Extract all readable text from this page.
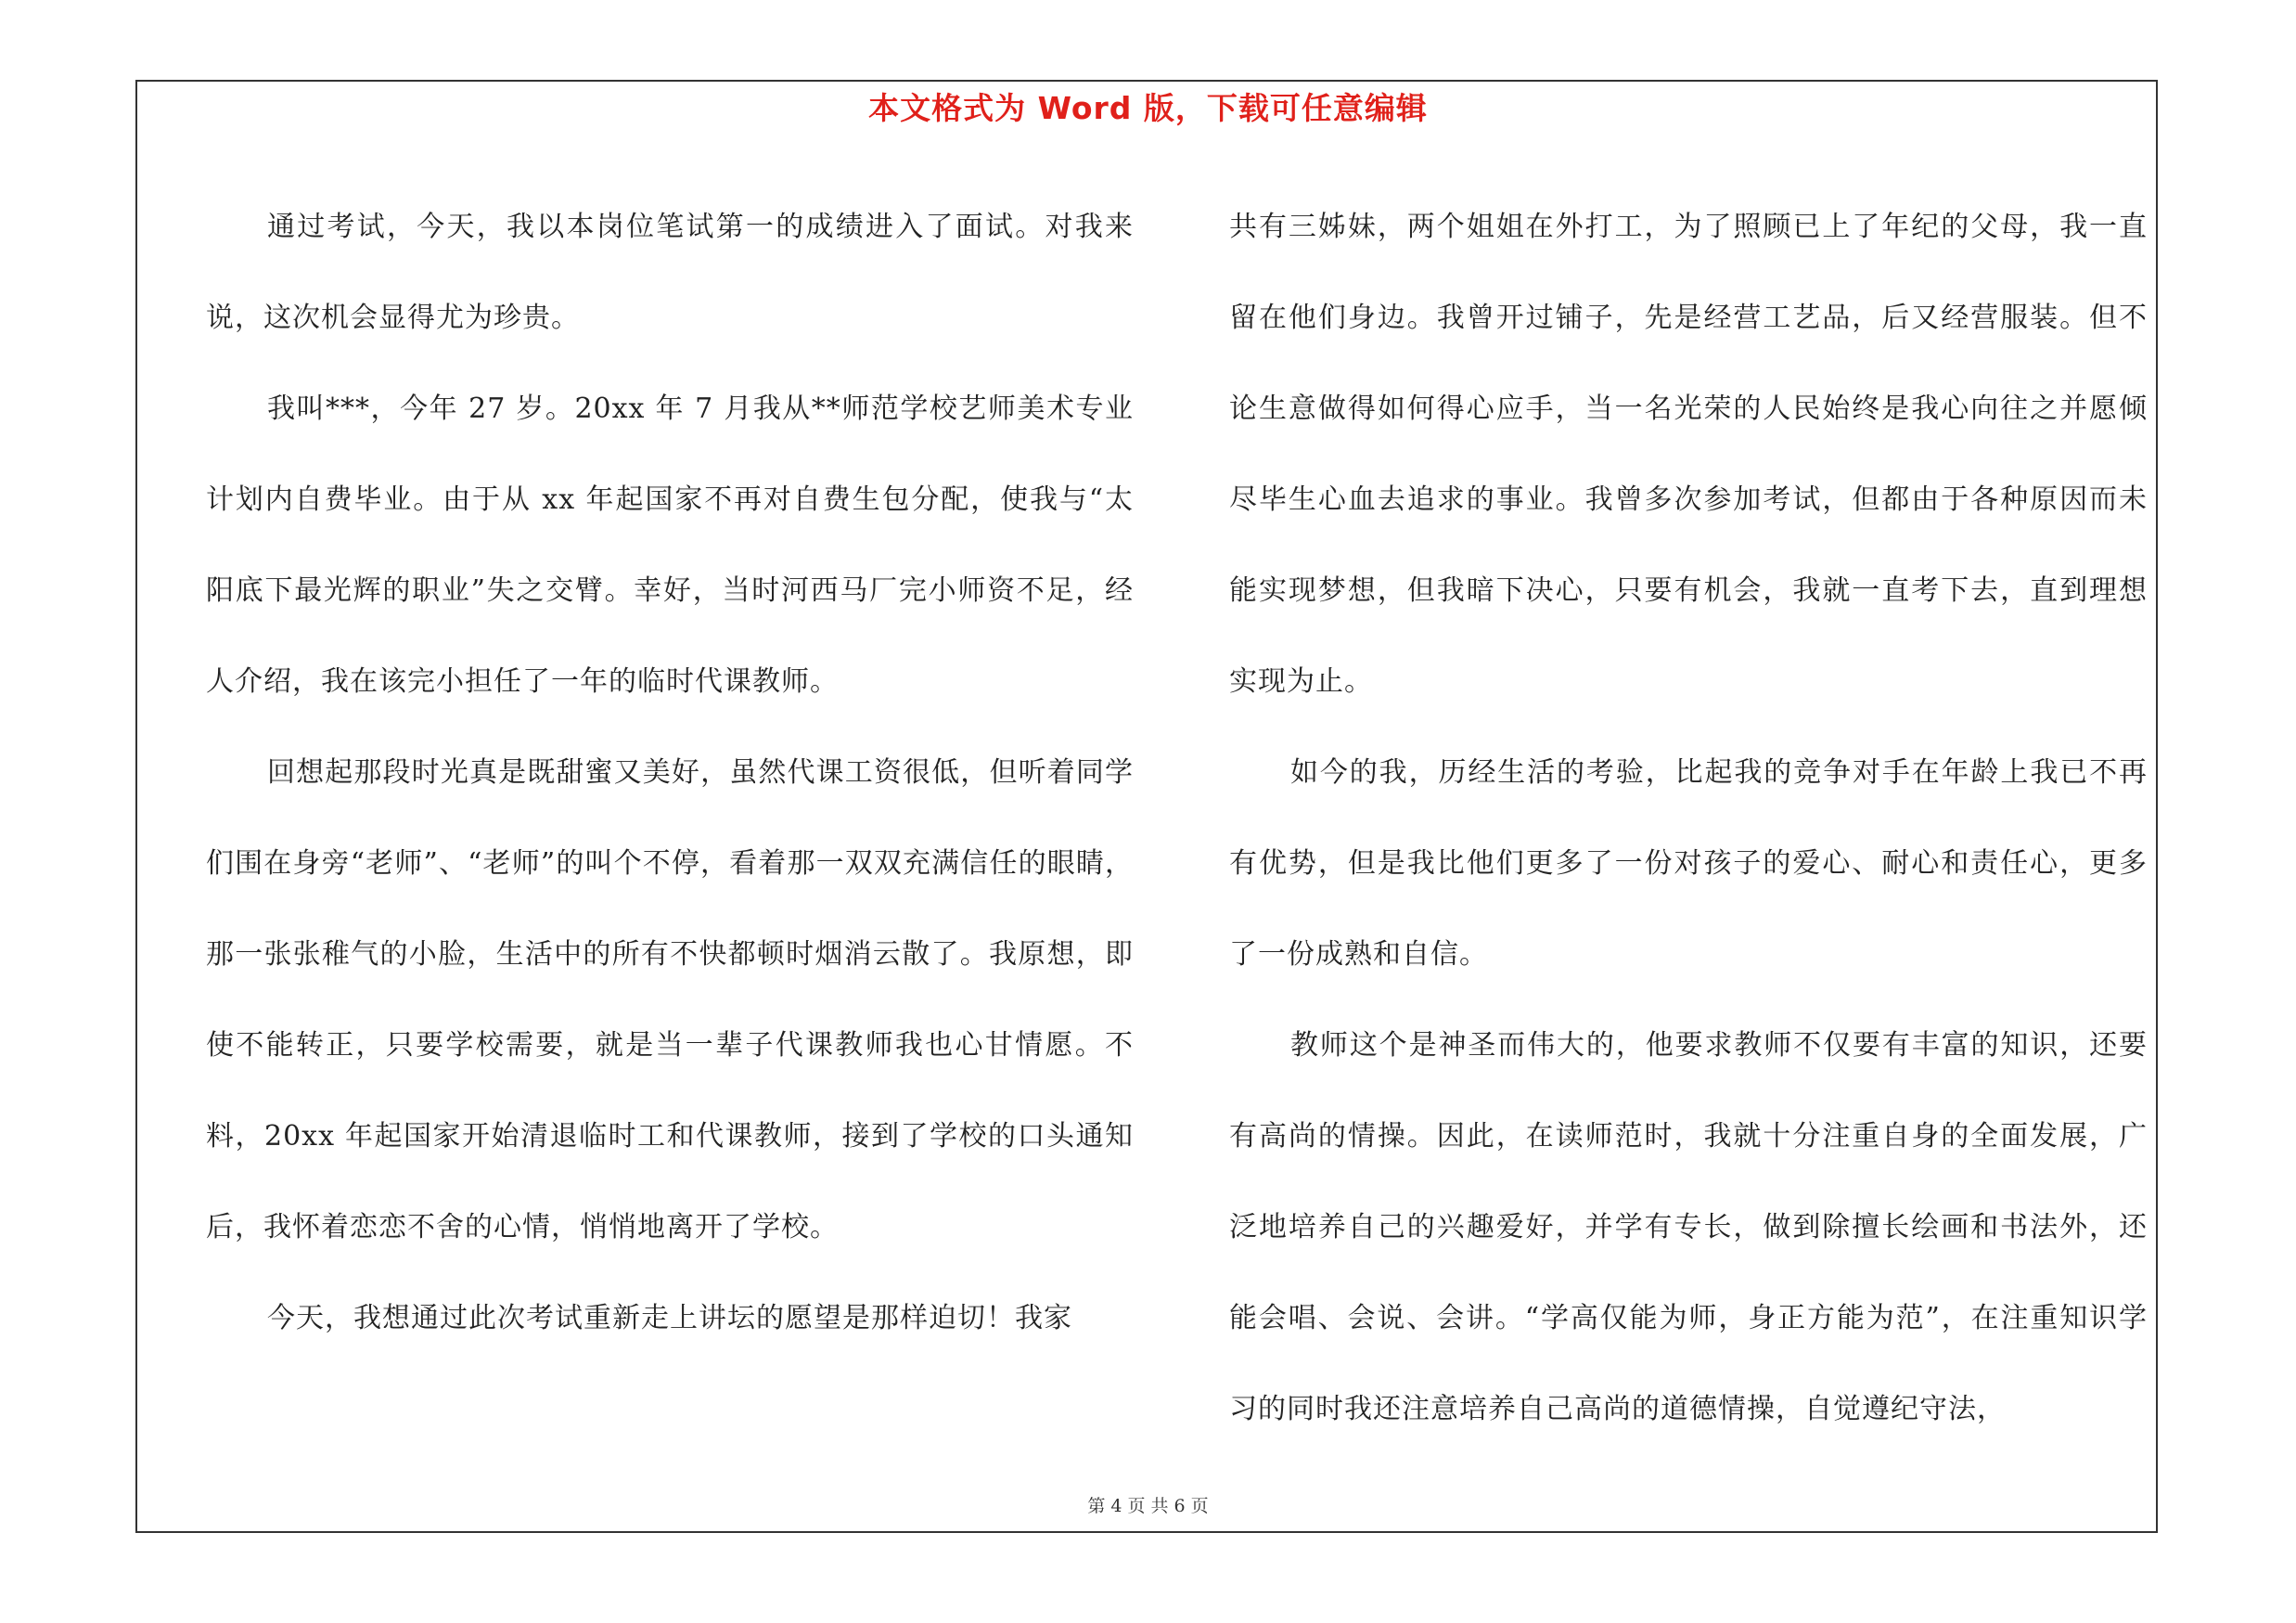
本文格式为 Word 版，下载可任意编辑

通过考试，今天，我以本岗位笔试第一的成绩进入了面试。对我来说，这次机会显得尤为珍贵。

我叫***，今年 27 岁。20xx 年 7 月我从**师范学校艺师美术专业计划内自费毕业。由于从 xx 年起国家不再对自费生包分配，使我与“太阳底下最光辉的职业”失之交臂。幸好，当时河西马厂完小师资不足，经人介绍，我在该完小担任了一年的临时代课教师。

回想起那段时光真是既甜蜜又美好，虽然代课工资很低，但听着同学们围在身旁“老师”、“老师”的叫个不停，看着那一双双充满信任的眼睛，那一张张稚气的小脸，生活中的所有不快都顿时烟消云散了。我原想，即使不能转正，只要学校需要，就是当一辈子代课教师我也心甘情愿。不料，20xx 年起国家开始清退临时工和代课教师，接到了学校的口头通知后，我怀着恋恋不舍的心情，悄悄地离开了学校。

今天，我想通过此次考试重新走上讲坛的愿望是那样迫切！我家

共有三姊妹，两个姐姐在外打工，为了照顾已上了年纪的父母，我一直留在他们身边。我曾开过铺子，先是经营工艺品，后又经营服装。但不论生意做得如何得心应手，当一名光荣的人民始终是我心向往之并愿倾尽毕生心血去追求的事业。我曾多次参加考试，但都由于各种原因而未能实现梦想，但我暗下决心，只要有机会，我就一直考下去，直到理想实现为止。

如今的我，历经生活的考验，比起我的竞争对手在年龄上我已不再有优势，但是我比他们更多了一份对孩子的爱心、耐心和责任心，更多了一份成熟和自信。

教师这个是神圣而伟大的，他要求教师不仅要有丰富的知识，还要有高尚的情操。因此，在读师范时，我就十分注重自身的全面发展，广泛地培养自己的兴趣爱好，并学有专长，做到除擅长绘画和书法外，还能会唱、会说、会讲。“学高仅能为师，身正方能为范”，在注重知识学习的同时我还注意培养自己高尚的道德情操，自觉遵纪守法，

第 4 页 共 6 页
